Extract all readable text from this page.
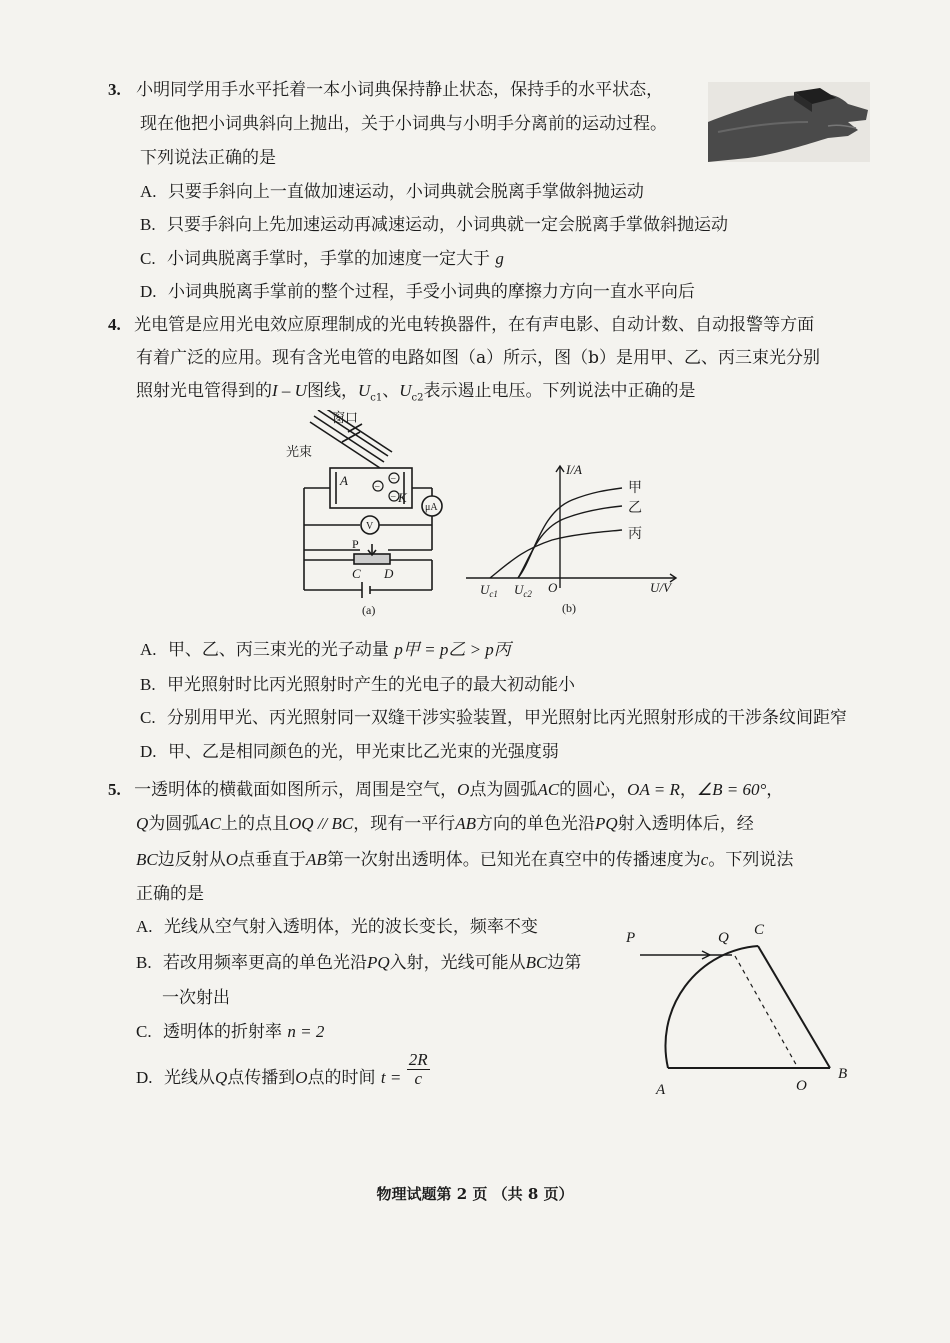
3. 小明同学用手水平托着一本小词典保持静止状态，保持手的水平状态，
现在他把小词典斜向上抛出，关于小词典与小明手分离前的运动过程。
下列说法正确的是
A. 只要手斜向上一直做加速运动，小词典就会脱离手掌做斜抛运动
B. 只要手斜向上先加速运动再减速运动，小词典就一定会脱离手掌做斜抛运动
C. 小词典脱离手掌时，手掌的加速度一定大于 g
D. 小词典脱离手掌前的整个过程，手受小词典的摩擦力方向一直水平向后
4. 光电管是应用光电效应原理制成的光电转换器件，在有声电影、自动计数、自动报警等方面
有着广泛的应用。现有含光电管的电路如图（a）所示，图（b）是用甲、乙、丙三束光分别
照射光电管得到的I – U图线，$U_{c1}$、$U_{c2}$表示遏止电压。下列说法中正确的是
–
–
–
窗口
光束
A
K
μA
V
P
C D
(a)
I/A
U/V
O
$U_{c1}$ $U_{c2}$
甲
乙
丙
(b)
A. 甲、乙、丙三束光的光子动量 p甲 = p乙 > p丙
B. 甲光照射时比丙光照射时产生的光电子的最大初动能小
C. 分别用甲光、丙光照射同一双缝干涉实验装置，甲光照射比丙光照射形成的干涉条纹间距窄
D. 甲、乙是相同颜色的光，甲光束比乙光束的光强度弱
5. 一透明体的横截面如图所示，周围是空气，O点为圆弧AC的圆心，OA = R，∠B = 60°，
Q为圆弧AC上的点且OQ // BC，现有一平行AB方向的单色光沿PQ射入透明体后，经
BC边反射从O点垂直于AB第一次射出透明体。已知光在真空中的传播速度为c。下列说法
正确的是
A. 光线从空气射入透明体，光的波长变长，频率不变
B. 若改用频率更高的单色光沿PQ入射，光线可能从BC边第
一次射出
C. 透明体的折射率 n = 2
D. 光线从Q点传播到O点的时间 $t = \frac{2R}{c}$
P	Q C
A	O
B
物理试题第 2 页 （共 8 页）
